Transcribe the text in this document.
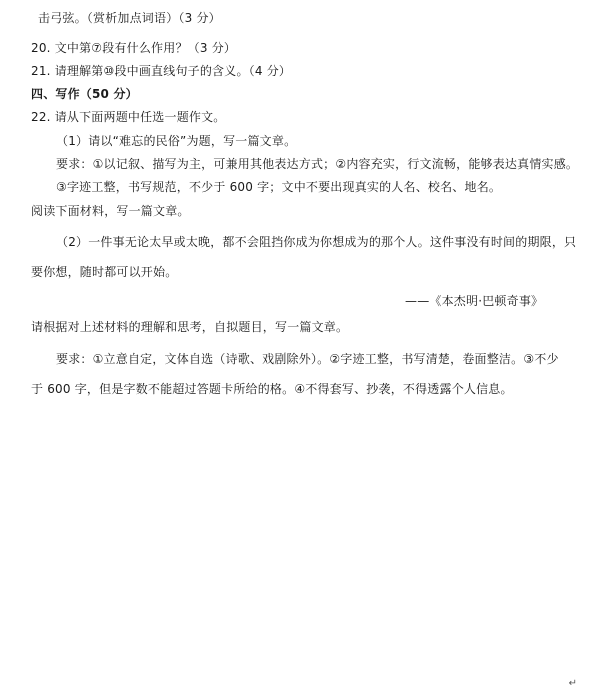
击弓弦。（赏析加点词语）（3 分）
20. 文中第⑦段有什么作用？（3 分）
21. 请理解第⑩段中画直线句子的含义。（4 分）
四、写作（50 分）
22. 请从下面两题中任选一题作文。
（1）请以“难忘的民俗”为题，写一篇文章。
要求：①以记叙、描写为主，可兼用其他表达方式；②内容充实，行文流畅，能够表达真情实感。
③字迹工整，书写规范，不少于 600 字；文中不要出现真实的人名、校名、地名。
阅读下面材料，写一篇文章。
（2）一件事无论太早或太晚，都不会阻挡你成为你想成为的那个人。这件事没有时间的期限，只
要你想，随时都可以开始。
——《本杰明·巴顿奇事》
请根据对上述材料的理解和思考，自拟题目，写一篇文章。
要求：①立意自定，文体自选（诗歌、戏剧除外）。②字迹工整，书写清楚，卷面整洁。③不少
于 600 字，但是字数不能超过答题卡所给的格。④不得套写、抄袭，不得透露个人信息。
↵
